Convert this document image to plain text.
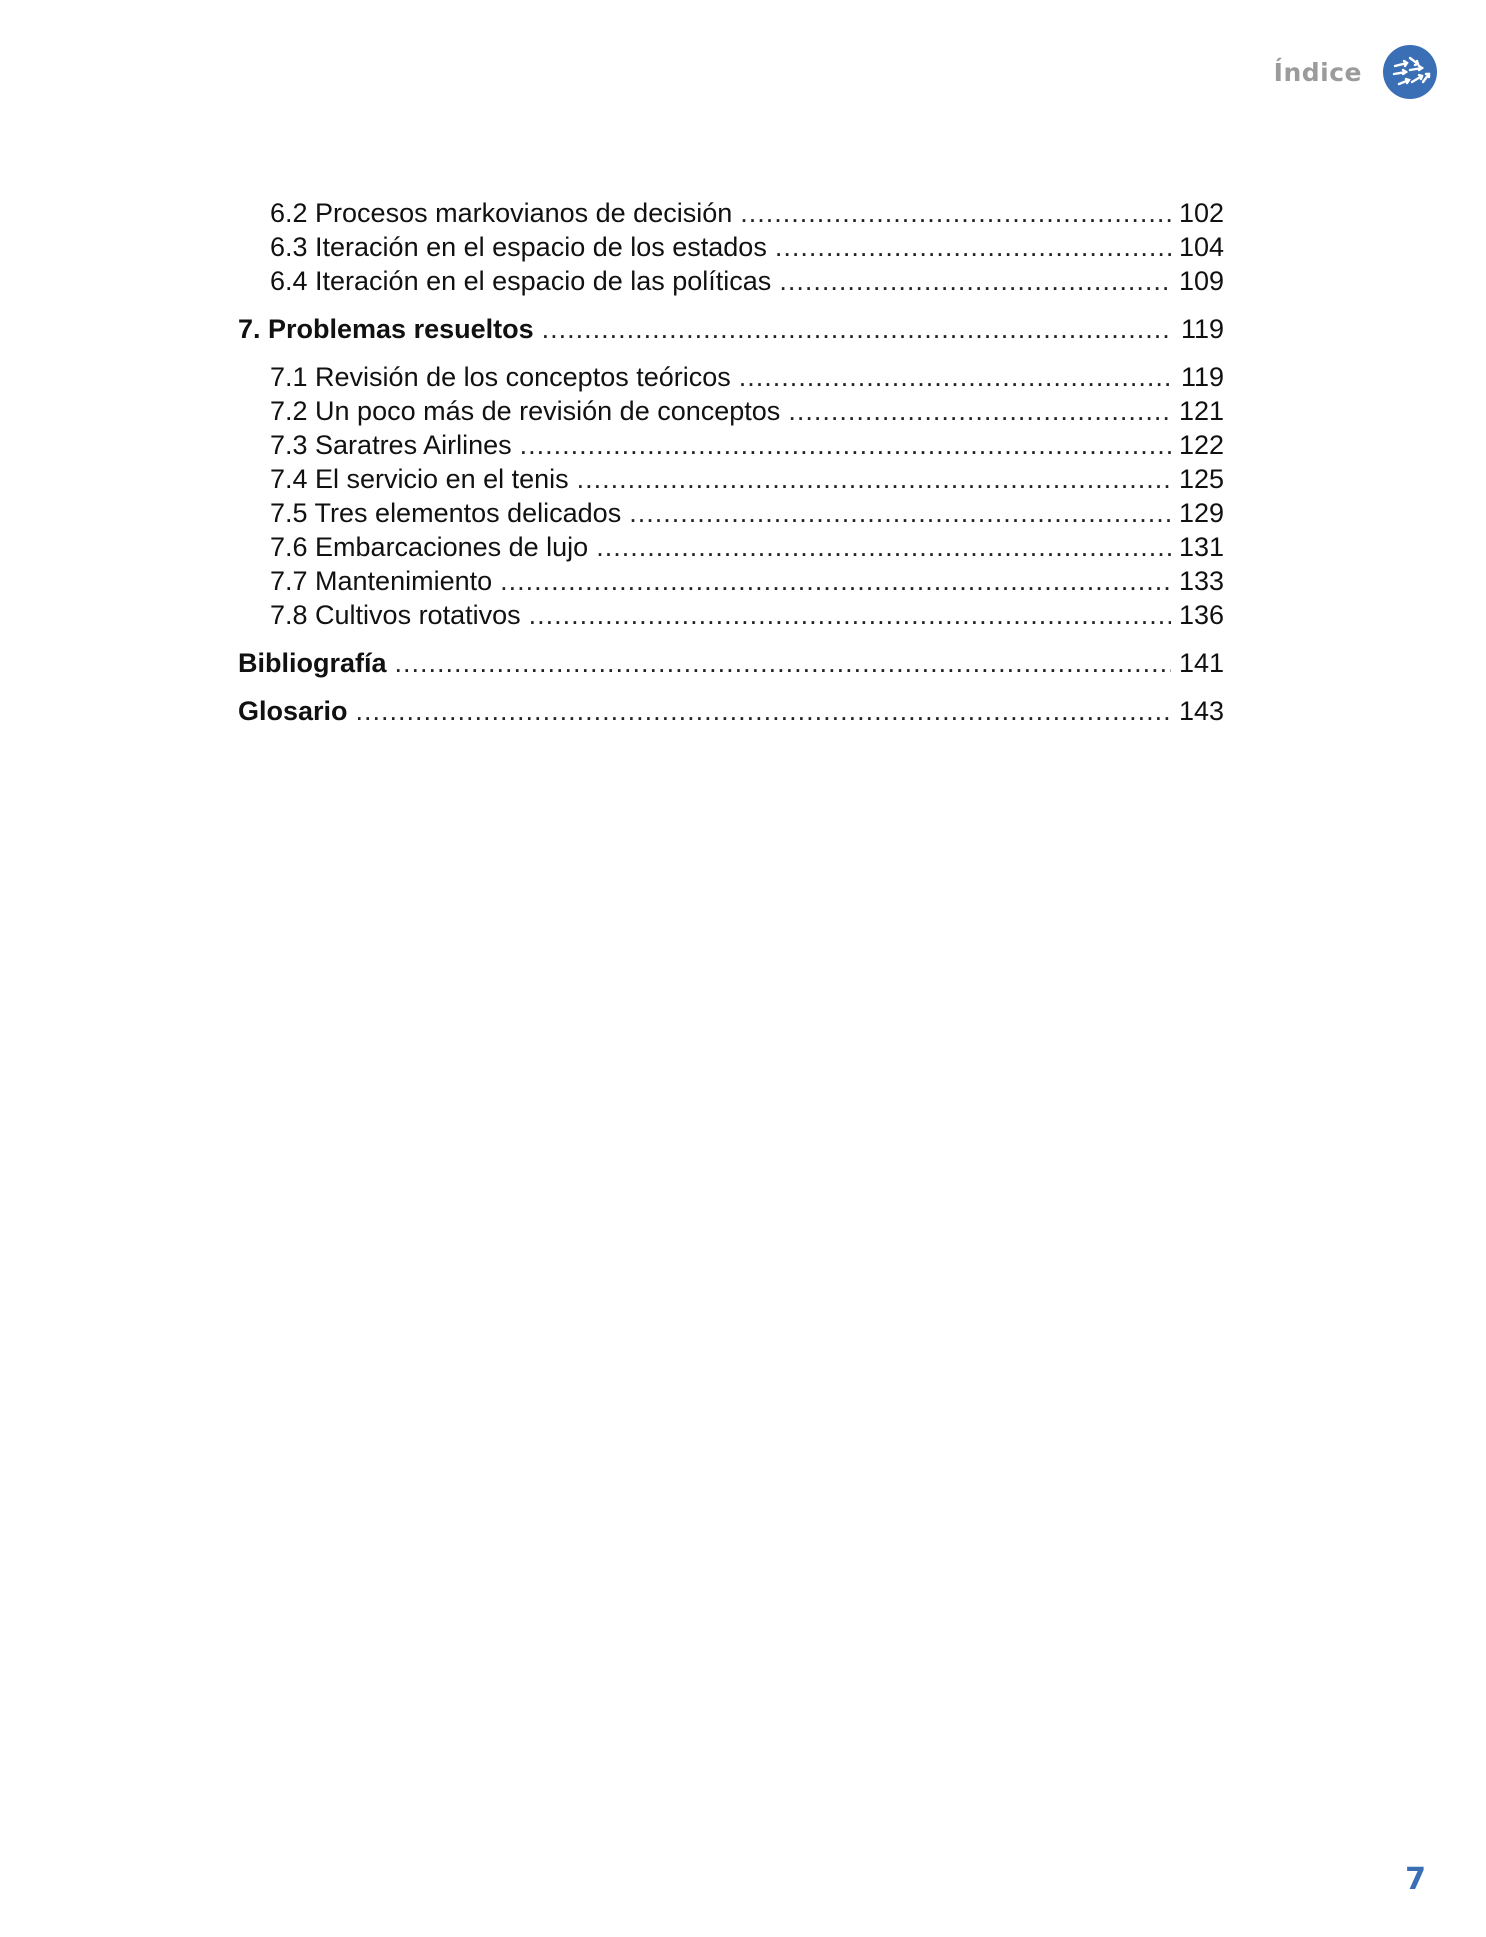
Índice
6.2 Procesos markovianos de decisión .....	102
6.3 Iteración en el espacio de los estados .....	104
6.4 Iteración en el espacio de las políticas .....	109
7. Problemas resueltos .....	119
7.1 Revisión de los conceptos teóricos .....	119
7.2 Un poco más de revisión de conceptos .....	121
7.3 Saratres Airlines .....	122
7.4 El servicio en el tenis .....	125
7.5 Tres elementos delicados .....	129
7.6 Embarcaciones de lujo .....	131
7.7 Mantenimiento .....	133
7.8 Cultivos rotativos .....	136
Bibliografía .....	141
Glosario .....	143
7
